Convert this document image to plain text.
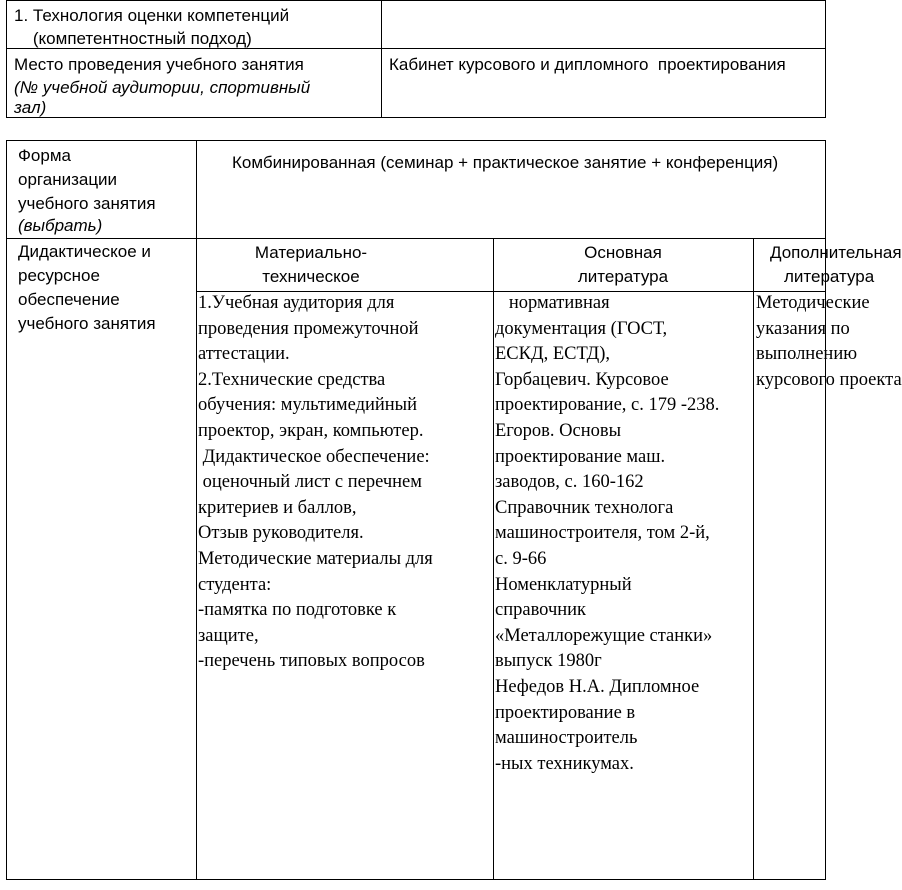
1. Технология оценки компетенций
(компетентностный подход)
Место проведения учебного занятия
(№ учебной аудитории, спортивный
зал)
Кабинет курсового и дипломного  проектирования
Форма
организации
учебного занятия
(выбрать)
Комбинированная (семинар + практическое занятие + конференция)
Дидактическое и
ресурсное
обеспечение
учебного занятия
Материально-
техническое
Основная
литература
Дополнительная
литература
1.Учебная аудитория для
проведения промежуточной
аттестации.
2.Технические средства
обучения: мультимедийный
проектор, экран, компьютер.
Дидактическое обеспечение:
оценочный лист с перечнем
критериев и баллов,
Отзыв руководителя.
Методические материалы для
студента:
-памятка по подготовке к
защите,
-перечень типовых вопросов
нормативная
документация (ГОСТ,
ЕСКД, ЕСТД),
Горбацевич. Курсовое
проектирование, с. 179 -238.
Егоров. Основы
проектирование маш.
заводов, с. 160-162
Справочник технолога
машиностроителя, том 2-й,
с. 9-66
Номенклатурный
справочник
«Металлорежущие станки»
выпуск 1980г
Нефедов Н.А. Дипломное
проектирование в
машиностроитель
-ных техникумах.
Методические
указания по
выполнению
курсового проекта
